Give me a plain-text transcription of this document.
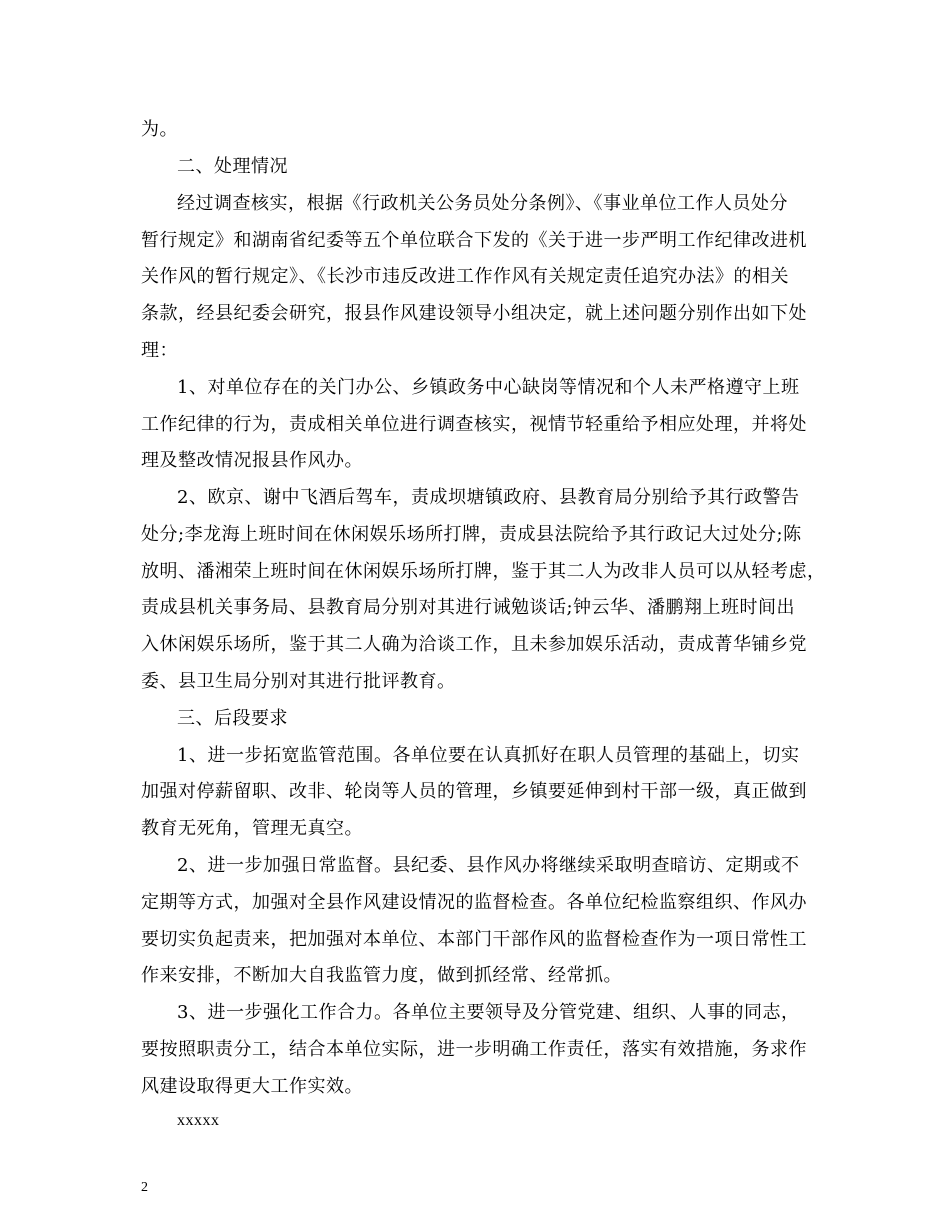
为。
二、处理情况
经过调查核实，根据《行政机关公务员处分条例》、《事业单位工作人员处分
暂行规定》和湖南省纪委等五个单位联合下发的《关于进一步严明工作纪律改进机
关作风的暂行规定》、《长沙市违反改进工作作风有关规定责任追究办法》的相关
条款，经县纪委会研究，报县作风建设领导小组决定，就上述问题分别作出如下处
理：
1、对单位存在的关门办公、乡镇政务中心缺岗等情况和个人未严格遵守上班
工作纪律的行为，责成相关单位进行调查核实，视情节轻重给予相应处理，并将处
理及整改情况报县作风办。
2、欧京、谢中飞酒后驾车，责成坝塘镇政府、县教育局分别给予其行政警告
处分;李龙海上班时间在休闲娱乐场所打牌，责成县法院给予其行政记大过处分;陈
放明、潘湘荣上班时间在休闲娱乐场所打牌，鉴于其二人为改非人员可以从轻考虑，
责成县机关事务局、县教育局分别对其进行诫勉谈话;钟云华、潘鹏翔上班时间出
入休闲娱乐场所，鉴于其二人确为洽谈工作，且未参加娱乐活动，责成菁华铺乡党
委、县卫生局分别对其进行批评教育。
三、后段要求
1、进一步拓宽监管范围。各单位要在认真抓好在职人员管理的基础上，切实
加强对停薪留职、改非、轮岗等人员的管理，乡镇要延伸到村干部一级，真正做到
教育无死角，管理无真空。
2、进一步加强日常监督。县纪委、县作风办将继续采取明查暗访、定期或不
定期等方式，加强对全县作风建设情况的监督检查。各单位纪检监察组织、作风办
要切实负起责来，把加强对本单位、本部门干部作风的监督检查作为一项日常性工
作来安排，不断加大自我监管力度，做到抓经常、经常抓。
3、进一步强化工作合力。各单位主要领导及分管党建、组织、人事的同志，
要按照职责分工，结合本单位实际，进一步明确工作责任，落实有效措施，务求作
风建设取得更大工作实效。
xxxxx
2
